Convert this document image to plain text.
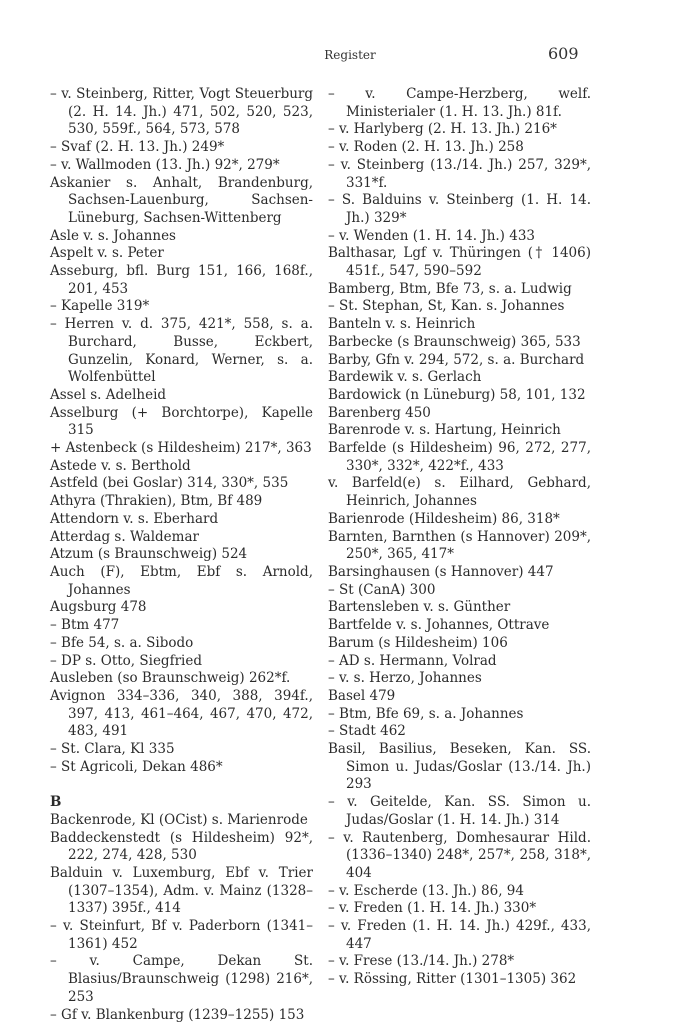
Register	609
– v. Steinberg, Ritter, Vogt Steuerburg (2. H. 14. Jh.) 471, 502, 520, 523, 530, 559f., 564, 573, 578
– Svaf (2. H. 13. Jh.) 249*
– v. Wallmoden (13. Jh.) 92*, 279*
Askanier s. Anhalt, Brandenburg, Sachsen-Lauenburg, Sachsen-Lüneburg, Sachsen-Wittenberg
Asle v. s. Johannes
Aspelt v. s. Peter
Asseburg, bfl. Burg 151, 166, 168f., 201, 453
– Kapelle 319*
– Herren v. d. 375, 421*, 558, s. a. Burchard, Busse, Eckbert, Gunzelin, Konard, Werner, s. a. Wolfenbüttel
Assel s. Adelheid
Asselburg (+ Borchtorpe), Kapelle 315
+ Astenbeck (s Hildesheim) 217*, 363
Astede v. s. Berthold
Astfeld (bei Goslar) 314, 330*, 535
Athyra (Thrakien), Btm, Bf 489
Attendorn v. s. Eberhard
Atterdag s. Waldemar
Atzum (s Braunschweig) 524
Auch (F), Ebtm, Ebf s. Arnold, Johannes
Augsburg 478
– Btm 477
– Bfe 54, s. a. Sibodo
– DP s. Otto, Siegfried
Ausleben (so Braunschweig) 262*f.
Avignon 334–336, 340, 388, 394f., 397, 413, 461–464, 467, 470, 472, 483, 491
– St. Clara, Kl 335
– St Agricoli, Dekan 486*
B
Backenrode, Kl (OCist) s. Marienrode
Baddeckenstedt (s Hildesheim) 92*, 222, 274, 428, 530
Balduin v. Luxemburg, Ebf v. Trier (1307–1354), Adm. v. Mainz (1328–1337) 395f., 414
– v. Steinfurt, Bf v. Paderborn (1341–1361) 452
– v. Campe, Dekan St. Blasius/Braunschweig (1298) 216*, 253
– Gf v. Blankenburg (1239–1255) 153
– v. Campe-Herzberg, welf. Ministerialer (1. H. 13. Jh.) 81f.
– v. Harlyberg (2. H. 13. Jh.) 216*
– v. Roden (2. H. 13. Jh.) 258
– v. Steinberg (13./14. Jh.) 257, 329*, 331*f.
– S. Balduins v. Steinberg (1. H. 14. Jh.) 329*
– v. Wenden (1. H. 14. Jh.) 433
Balthasar, Lgf v. Thüringen († 1406) 451f., 547, 590–592
Bamberg, Btm, Bfe 73, s. a. Ludwig
– St. Stephan, St, Kan. s. Johannes
Banteln v. s. Heinrich
Barbecke (s Braunschweig) 365, 533
Barby, Gfn v. 294, 572, s. a. Burchard
Bardewik v. s. Gerlach
Bardowick (n Lüneburg) 58, 101, 132
Barenberg 450
Barenrode v. s. Hartung, Heinrich
Barfelde (s Hildesheim) 96, 272, 277, 330*, 332*, 422*f., 433
v. Barfeld(e) s. Eilhard, Gebhard, Heinrich, Johannes
Barienrode (Hildesheim) 86, 318*
Barnten, Barnthen (s Hannover) 209*, 250*, 365, 417*
Barsinghausen (s Hannover) 447
– St (CanA) 300
Bartensleben v. s. Günther
Bartfelde v. s. Johannes, Ottrave
Barum (s Hildesheim) 106
– AD s. Hermann, Volrad
– v. s. Herzo, Johannes
Basel 479
– Btm, Bfe 69, s. a. Johannes
– Stadt 462
Basil, Basilius, Beseken, Kan. SS. Simon u. Judas/Goslar (13./14. Jh.) 293
– v. Geitelde, Kan. SS. Simon u. Judas/Goslar (1. H. 14. Jh.) 314
– v. Rautenberg, Domhesaurar Hild. (1336–1340) 248*, 257*, 258, 318*, 404
– v. Escherde (13. Jh.) 86, 94
– v. Freden (1. H. 14. Jh.) 330*
– v. Freden (1. H. 14. Jh.) 429f., 433, 447
– v. Frese (13./14. Jh.) 278*
– v. Rössing, Ritter (1301–1305) 362
